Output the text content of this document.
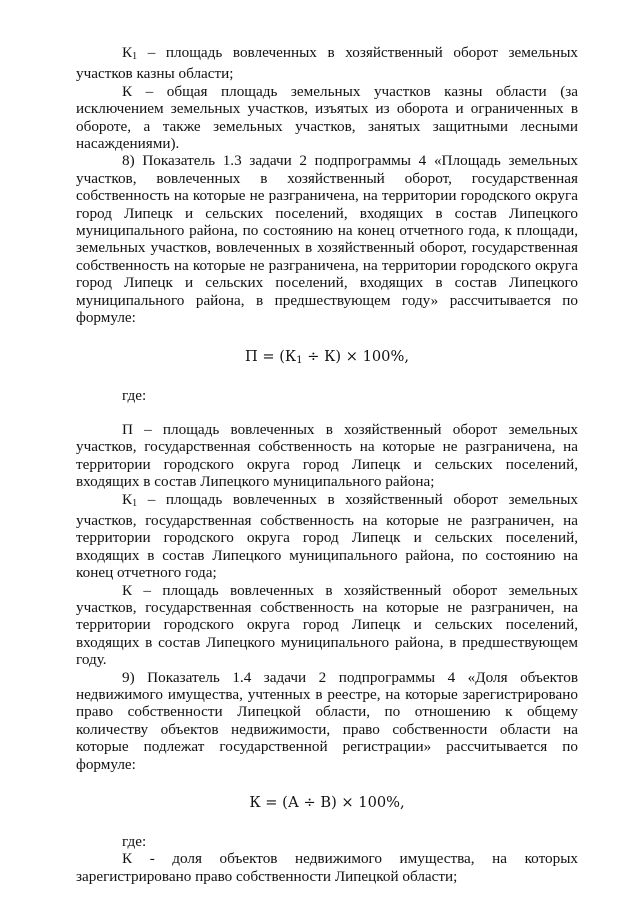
$К_1$ – площадь вовлеченных в хозяйственный оборот земельных участков казны области;

К – общая площадь земельных участков казны области (за исключением земельных участков, изъятых из оборота и ограниченных в обороте, а также земельных участков, занятых защитными лесными насаждениями).

8) Показатель 1.3 задачи 2 подпрограммы 4 «Площадь земельных участков, вовлеченных в хозяйственный оборот, государственная собственность на которые не разграничена, на территории городского округа город Липецк и сельских поселений, входящих в состав Липецкого муниципального района, по состоянию на конец отчетного года, к площади, земельных участков, вовлеченных в хозяйственный оборот, государственная собственность на которые не разграничена, на территории городского округа город Липецк и сельских поселений, входящих в состав Липецкого муниципального района, в предшествующем году» рассчитывается по формуле:

$П = (К_1 \div К) \times 100\%$,

где:

П – площадь вовлеченных в хозяйственный оборот земельных участков, государственная собственность на которые не разграничена, на территории городского округа город Липецк и сельских поселений, входящих в состав Липецкого муниципального района;

$К_1$ – площадь вовлеченных в хозяйственный оборот земельных участков, государственная собственность на которые не разграничен, на территории городского округа город Липецк и сельских поселений, входящих в состав Липецкого муниципального района, по состоянию на конец отчетного года;

К – площадь вовлеченных в хозяйственный оборот земельных участков, государственная собственность на которые не разграничен, на территории городского округа город Липецк и сельских поселений, входящих в состав Липецкого муниципального района, в предшествующем году.

9) Показатель 1.4 задачи 2 подпрограммы 4 «Доля объектов недвижимого имущества, учтенных в реестре, на которые зарегистрировано право собственности Липецкой области, по отношению к общему количеству объектов недвижимости, право собственности области на которые подлежат государственной регистрации» рассчитывается по формуле:

К = (А ÷ В) × 100%,

где:

К - доля объектов недвижимого имущества, на которых зарегистрировано право собственности Липецкой области;
